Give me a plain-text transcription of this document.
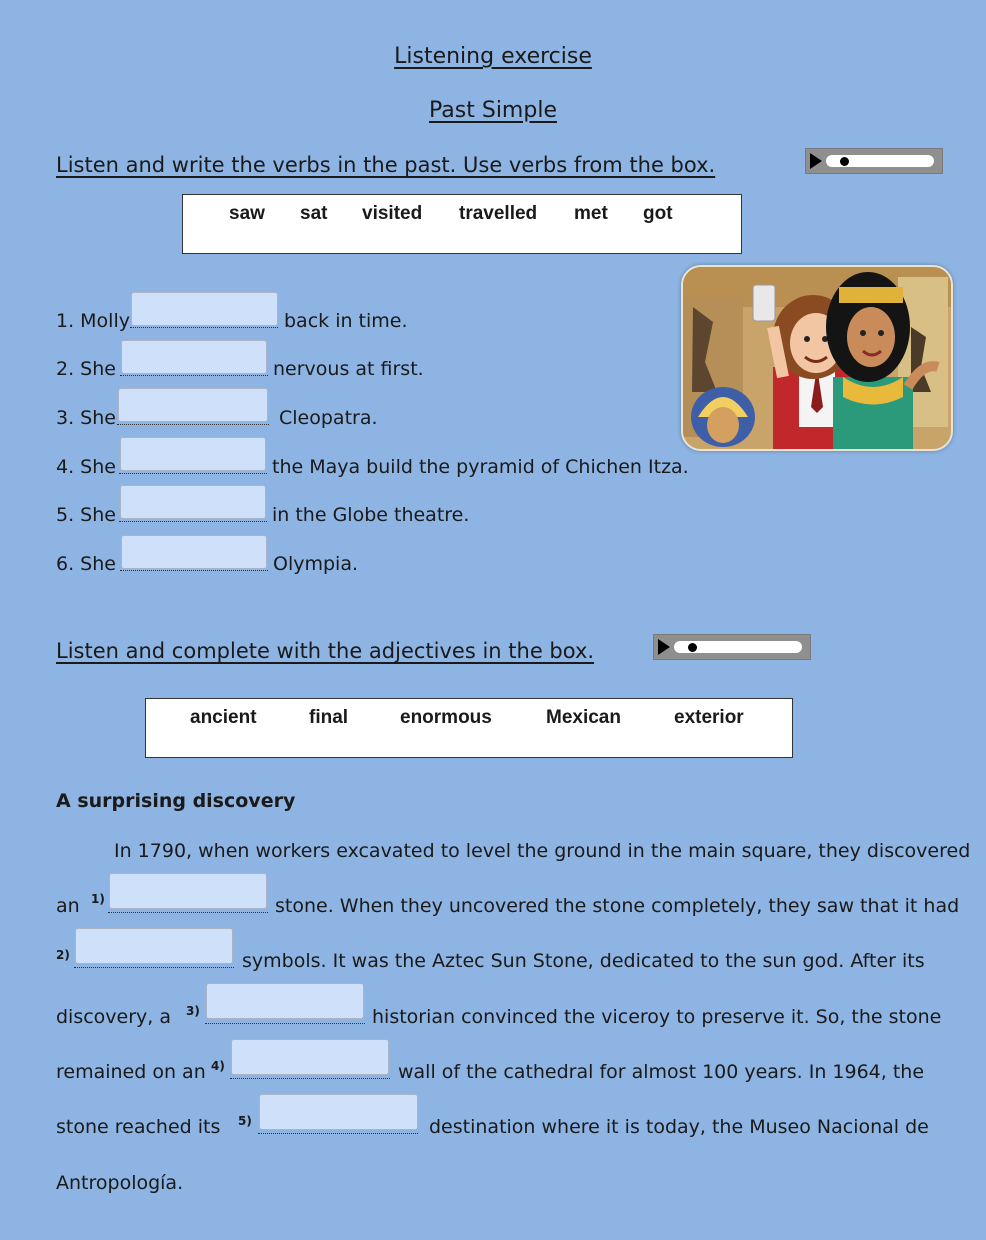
Listening exercise
Past Simple
Listen and write the verbs in the past. Use verbs from the box.
saw sat visited travelled met got
1. Molly	back in time.
2. She	nervous at first.
3. She	Cleopatra.
4. She	the Maya build the pyramid of Chichen Itza.
5. She	in the Globe theatre.
6. She	Olympia.
Listen and complete with the adjectives in the box.
ancient	final	enormous	Mexican	exterior
A surprising discovery
In 1790, when workers excavated to level the ground in the main square, they discovered
an 1)	stone. When they uncovered the stone completely, they saw that it had
2)	symbols. It was the Aztec Sun Stone, dedicated to the sun god. After its
discovery, a 3)	historian convinced the viceroy to preserve it. So, the stone
remained on an 4)	wall of the cathedral for almost 100 years. In 1964, the
stone reached its 5)	destination where it is today, the Museo Nacional de
Antropología.
